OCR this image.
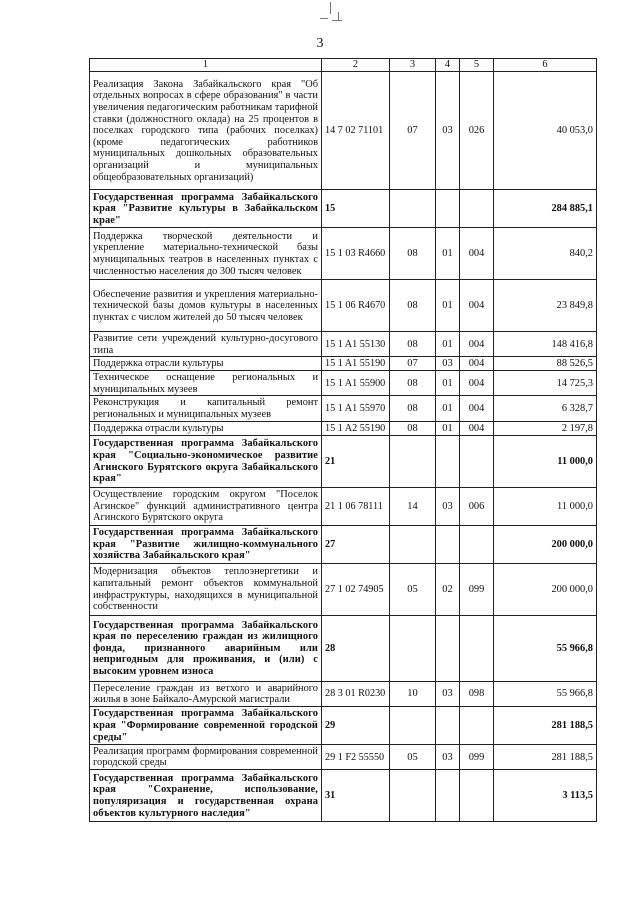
3
1	2	3	4	5	6
Реализация Закона Забайкальского края "Об отдельных вопросах в сфере образования" в части увеличения педагогическим работникам тарифной ставки (должностного оклада) на 25 процентов в поселках городского типа (рабочих поселках) (кроме педагогических работников муниципальных дошкольных образовательных организаций и муниципальных общеобразовательных организаций)	14 7 02 71101	07	03	026	40 053,0
Государственная программа Забайкальского края "Развитие культуры в Забайкальском крае"	15				284 885,1
Поддержка творческой деятельности и укрепление материально-технической базы муниципальных театров в населенных пунктах с численностью населения до 300 тысяч человек	15 1 03 R4660	08	01	004	840,2
Обеспечение развития и укрепления материально-технической базы домов культуры в населенных пунктах с числом жителей до 50 тысяч человек	15 1 06 R4670	08	01	004	23 849,8
Развитие сети учреждений культурно-досугового типа	15 1 A1 55130	08	01	004	148 416,8
Поддержка отрасли культуры	15 1 A1 55190	07	03	004	88 526,5
Техническое оснащение региональных и муниципальных музеев	15 1 A1 55900	08	01	004	14 725,3
Реконструкция и капитальный ремонт региональных и муниципальных музеев	15 1 A1 55970	08	01	004	6 328,7
Поддержка отрасли культуры	15 1 A2 55190	08	01	004	2 197,8
Государственная программа Забайкальского края "Социально-экономическое развитие Агинского Бурятского округа Забайкальского края"	21				11 000,0
Осуществление городским округом "Поселок Агинское" функций административного центра Агинского Бурятского округа	21 1 06 78111	14	03	006	11 000,0
Государственная программа Забайкальского края "Развитие жилищно-коммунального хозяйства Забайкальского края"	27				200 000,0
Модернизация объектов теплоэнергетики и капитальный ремонт объектов коммунальной инфраструктуры, находящихся в муниципальной собственности	27 1 02 74905	05	02	099	200 000,0
Государственная программа Забайкальского края по переселению граждан из жилищного фонда, признанного аварийным или непригодным для проживания, и (или) с высоким уровнем износа	28				55 966,8
Переселение граждан из ветхого и аварийного жилья в зоне Байкало-Амурской магистрали	28 3 01 R0230	10	03	098	55 966,8
Государственная программа Забайкальского края "Формирование современной городской среды"	29				281 188,5
Реализация программ формирования современной городской среды	29 1 F2 55550	05	03	099	281 188,5
Государственная программа Забайкальского края "Сохранение, использование, популяризация и государственная охрана объектов культурного наследия"	31				3 113,5
